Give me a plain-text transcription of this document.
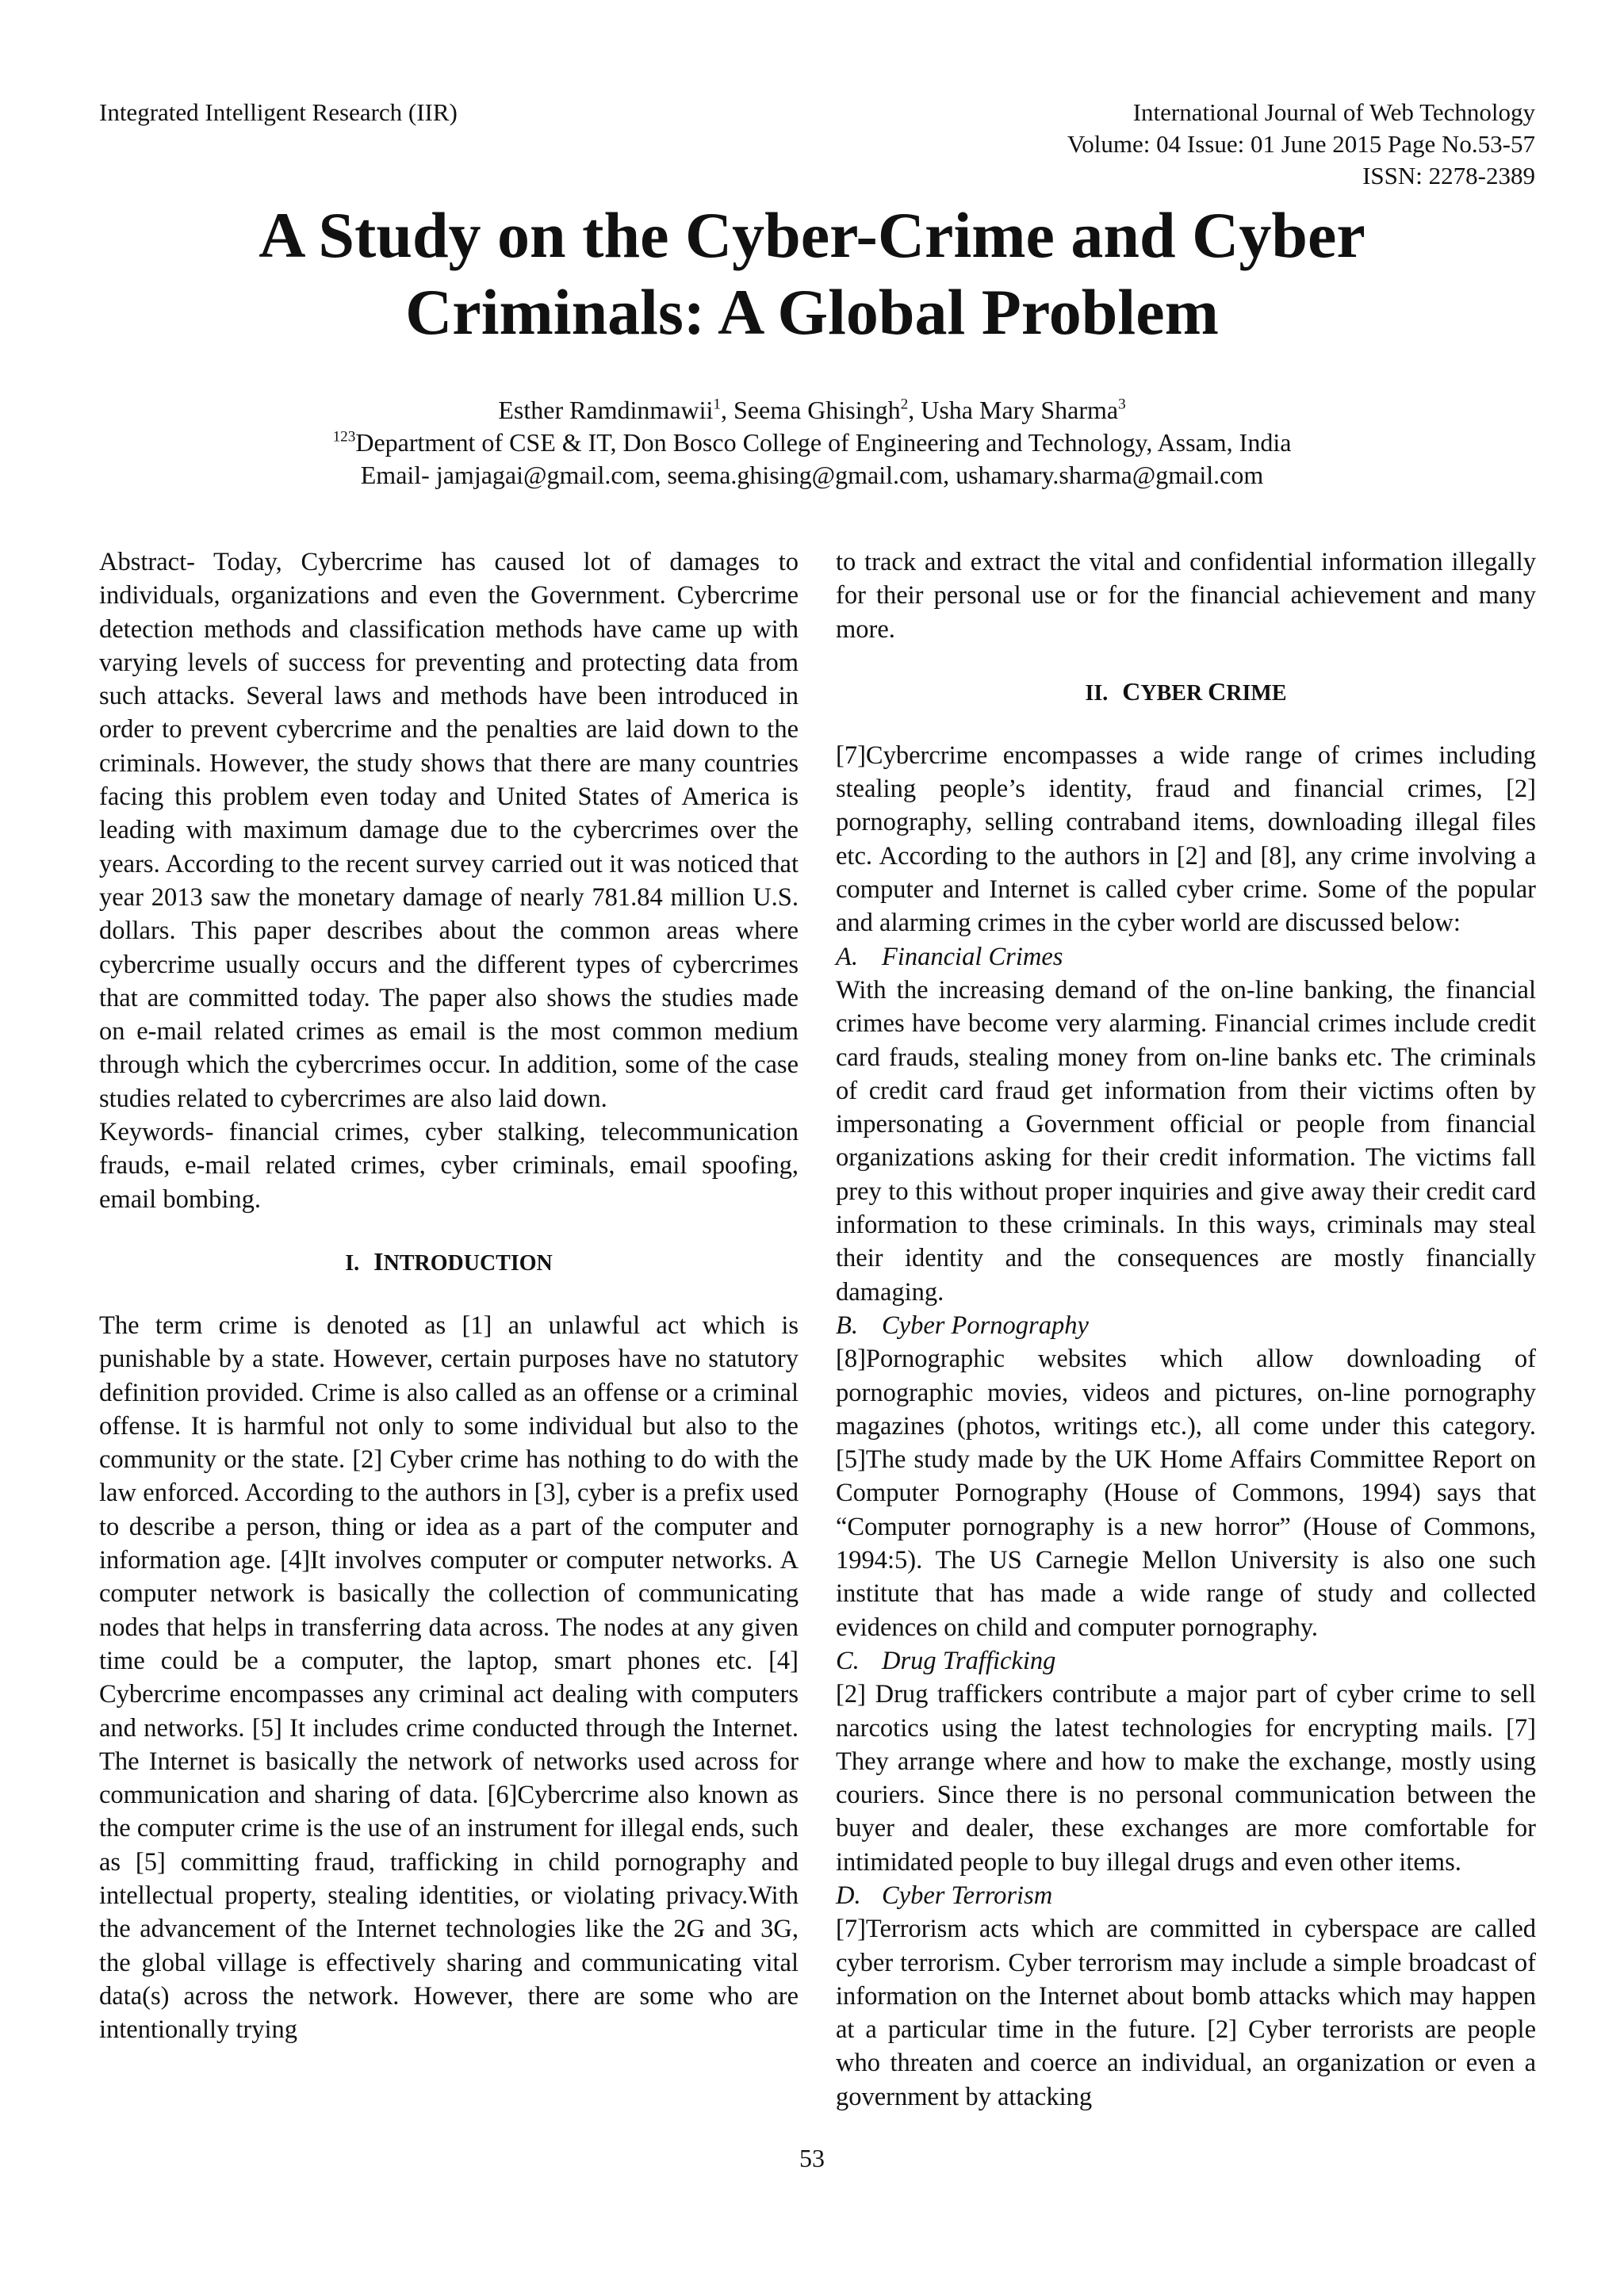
Integrated Intelligent Research (IIR)	International Journal of Web Technology
Volume: 04 Issue: 01 June 2015 Page No.53-57
ISSN: 2278-2389
A Study on the Cyber-Crime and Cyber
Criminals: A Global Problem
Esther Ramdinmawii$^1$, Seema Ghisingh$^2$, Usha Mary Sharma$^3$
$^{123}$Department of CSE & IT, Don Bosco College of Engineering and Technology, Assam, India
Email- jamjagai@gmail.com, seema.ghising@gmail.com, ushamary.sharma@gmail.com

Abstract- Today, Cybercrime has caused lot of damages to individuals, organizations and even the Government. Cybercrime detection methods and classification methods have came up with varying levels of success for preventing and protecting data from such attacks. Several laws and methods have been introduced in order to prevent cybercrime and the penalties are laid down to the criminals. However, the study shows that there are many countries facing this problem even today and United States of America is leading with maximum damage due to the cybercrimes over the years. According to the recent survey carried out it was noticed that year 2013 saw the monetary damage of nearly 781.84 million U.S. dollars. This paper describes about the common areas where cybercrime usually occurs and the different types of cybercrimes that are committed today. The paper also shows the studies made on e-mail related crimes as email is the most common medium through which the cybercrimes occur. In addition, some of the case studies related to cybercrimes are also laid down.

Keywords- financial crimes, cyber stalking, telecommunication frauds, e-mail related crimes, cyber criminals, email spoofing, email bombing.

I. INTRODUCTION

The term crime is denoted as [1] an unlawful act which is punishable by a state. However, certain purposes have no statutory definition provided. Crime is also called as an offense or a criminal offense. It is harmful not only to some individual but also to the community or the state. [2] Cyber crime has nothing to do with the law enforced. According to the authors in [3], cyber is a prefix used to describe a person, thing or idea as a part of the computer and information age. [4]It involves computer or computer networks. A computer network is basically the collection of communicating nodes that helps in transferring data across. The nodes at any given time could be a computer, the laptop, smart phones etc. [4] Cybercrime encompasses any criminal act dealing with computers and networks. [5] It includes crime conducted through the Internet. The Internet is basically the network of networks used across for communication and sharing of data. [6]Cybercrime also known as the computer crime is the use of an instrument for illegal ends, such as [5] committing fraud, trafficking in child pornography and intellectual property, stealing identities, or violating privacy.With the advancement of the Internet technologies like the 2G and 3G, the global village is effectively sharing and communicating vital data(s) across the network. However, there are some who are intentionally trying

to track and extract the vital and confidential information illegally for their personal use or for the financial achievement and many more.

II. CYBER CRIME

[7]Cybercrime encompasses a wide range of crimes including stealing people’s identity, fraud and financial crimes, [2] pornography, selling contraband items, downloading illegal files etc. According to the authors in [2] and [8], any crime involving a computer and Internet is called cyber crime. Some of the popular and alarming crimes in the cyber world are discussed below:

A. Financial Crimes

With the increasing demand of the on-line banking, the financial crimes have become very alarming. Financial crimes include credit card frauds, stealing money from on-line banks etc. The criminals of credit card fraud get information from their victims often by impersonating a Government official or people from financial organizations asking for their credit information. The victims fall prey to this without proper inquiries and give away their credit card information to these criminals. In this ways, criminals may steal their identity and the consequences are mostly financially damaging.

B. Cyber Pornography

[8]Pornographic websites which allow downloading of pornographic movies, videos and pictures, on-line pornography magazines (photos, writings etc.), all come under this category. [5]The study made by the UK Home Affairs Committee Report on Computer Pornography (House of Commons, 1994) says that “Computer pornography is a new horror” (House of Commons, 1994:5). The US Carnegie Mellon University is also one such institute that has made a wide range of study and collected evidences on child and computer pornography.

C. Drug Trafficking

[2] Drug traffickers contribute a major part of cyber crime to sell narcotics using the latest technologies for encrypting mails. [7] They arrange where and how to make the exchange, mostly using couriers. Since there is no personal communication between the buyer and dealer, these exchanges are more comfortable for intimidated people to buy illegal drugs and even other items.

D. Cyber Terrorism

[7]Terrorism acts which are committed in cyberspace are called cyber terrorism. Cyber terrorism may include a simple broadcast of information on the Internet about bomb attacks which may happen at a particular time in the future. [2] Cyber terrorists are people who threaten and coerce an individual, an organization or even a government by attacking

53
